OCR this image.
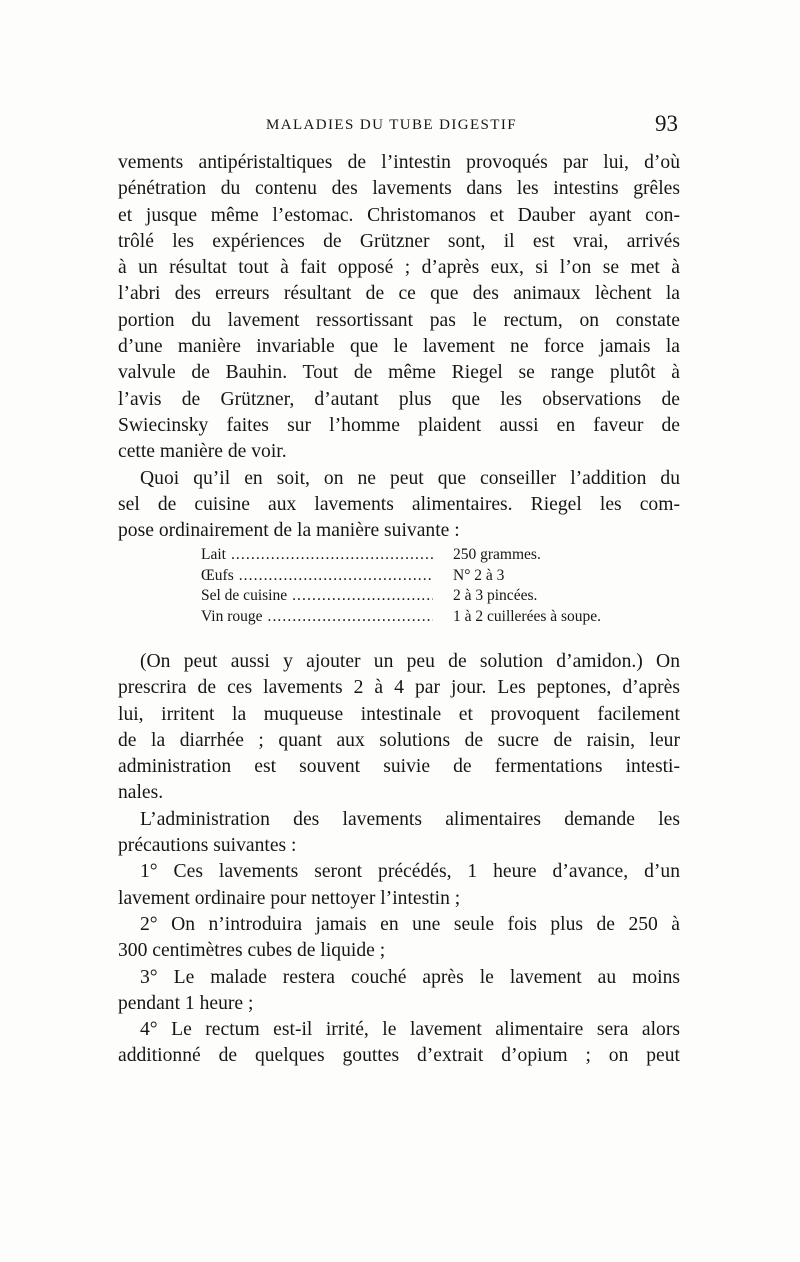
MALADIES DU TUBE DIGESTIF	93
vements antipéristaltiques de l’intestin provoqués par lui, d’où
pénétration du contenu des lavements dans les intestins grêles
et jusque même l’estomac. Christomanos et Dauber ayant con-
trôlé les expériences de Grützner sont, il est vrai, arrivés
à un résultat tout à fait opposé ; d’après eux, si l’on se met à
l’abri des erreurs résultant de ce que des animaux lèchent la
portion du lavement ressortissant pas le rectum, on constate
d’une manière invariable que le lavement ne force jamais la
valvule de Bauhin. Tout de même Riegel se range plutôt à
l’avis de Grützner, d’autant plus que les observations de
Swiecinsky faites sur l’homme plaident aussi en faveur de
cette manière de voir.
Quoi qu’il en soit, on ne peut que conseiller l’addition du
sel de cuisine aux lavements alimentaires. Riegel les com-
pose ordinairement de la manière suivante :
Lait .....	250 grammes.
Œufs .....	N° 2 à 3
Sel de cuisine .....	2 à 3 pincées.
Vin rouge .....	1 à 2 cuillerées à soupe.
(On peut aussi y ajouter un peu de solution d’amidon.) On
prescrira de ces lavements 2 à 4 par jour. Les peptones, d’après
lui, irritent la muqueuse intestinale et provoquent facilement
de la diarrhée ; quant aux solutions de sucre de raisin, leur
administration est souvent suivie de fermentations intesti-
nales.
L’administration des lavements alimentaires demande les
précautions suivantes :
1° Ces lavements seront précédés, 1 heure d’avance, d’un
lavement ordinaire pour nettoyer l’intestin ;
2° On n’introduira jamais en une seule fois plus de 250 à
300 centimètres cubes de liquide ;
3° Le malade restera couché après le lavement au moins
pendant 1 heure ;
4° Le rectum est-il irrité, le lavement alimentaire sera alors
additionné de quelques gouttes d’extrait d’opium ; on peut
